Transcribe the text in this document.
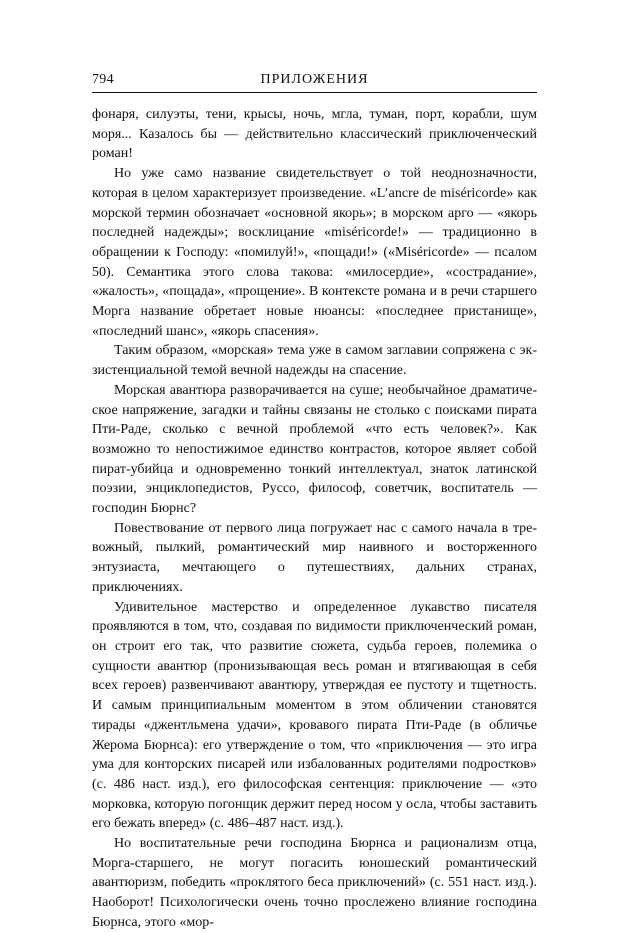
794	ПРИЛОЖЕНИЯ

фонаря, силуэты, тени, крысы, ночь, мгла, туман, порт, корабли, шум моря... Казалось бы — действительно классический приключенческий роман!

Но уже само название свидетельствует о той неоднозначности, которая в целом характеризует произведение. «L’ancre de miséricorde» как морской термин обозначает «основной якорь»; в морском арго — «якорь последней надежды»; восклицание «miséricorde!» — традиционно в обращении к Господу: «помилуй!», «пощади!» («Miséricorde» — псалом 50). Семантика этого слова такова: «милосердие», «сострадание», «жалость», «пощада», «прощение». В контексте романа и в речи старшего Морга название обретает новые нюансы: «последнее пристанище», «последний шанс», «якорь спасения».

Таким образом, «морская» тема уже в самом заглавии сопряжена с экзистенциальной темой вечной надежды на спасение.

Морская авантюра разворачивается на суше; необычайное драматическое напряжение, загадки и тайны связаны не столько с поисками пирата Пти-Раде, сколько с вечной проблемой «что есть человек?». Как возможно то непостижимое единство контрастов, которое являет собой пират-убийца и одновременно тонкий интеллектуал, знаток латинской поэзии, энциклопедистов, Руссо, философ, советчик, воспитатель — господин Бюрнс?

Повествование от первого лица погружает нас с самого начала в тревожный, пылкий, романтический мир наивного и восторженного энтузиаста, мечтающего о путешествиях, дальних странах, приключениях.

Удивительное мастерство и определенное лукавство писателя проявляются в том, что, создавая по видимости приключенческий роман, он строит его так, что развитие сюжета, судьба героев, полемика о сущности авантюр (пронизывающая весь роман и втягивающая в себя всех героев) развенчивают авантюру, утверждая ее пустоту и тщетность. И самым принципиальным моментом в этом обличении становятся тирады «джентльмена удачи», кровавого пирата Пти-Раде (в обличье Жерома Бюрнса): его утверждение о том, что «приключения — это игра ума для конторских писарей или избалованных родителями подростков» (с. 486 наст. изд.), его философская сентенция: приключение — «это морковка, которую погонщик держит перед носом у осла, чтобы заставить его бежать вперед» (с. 486–487 наст. изд.).

Но воспитательные речи господина Бюрнса и рационализм отца, Морга-старшего, не могут погасить юношеский романтический авантюризм, победить «проклятого беса приключений» (с. 551 наст. изд.). Наоборот! Психологически очень точно прослежено влияние господина Бюрнса, этого «мор-
